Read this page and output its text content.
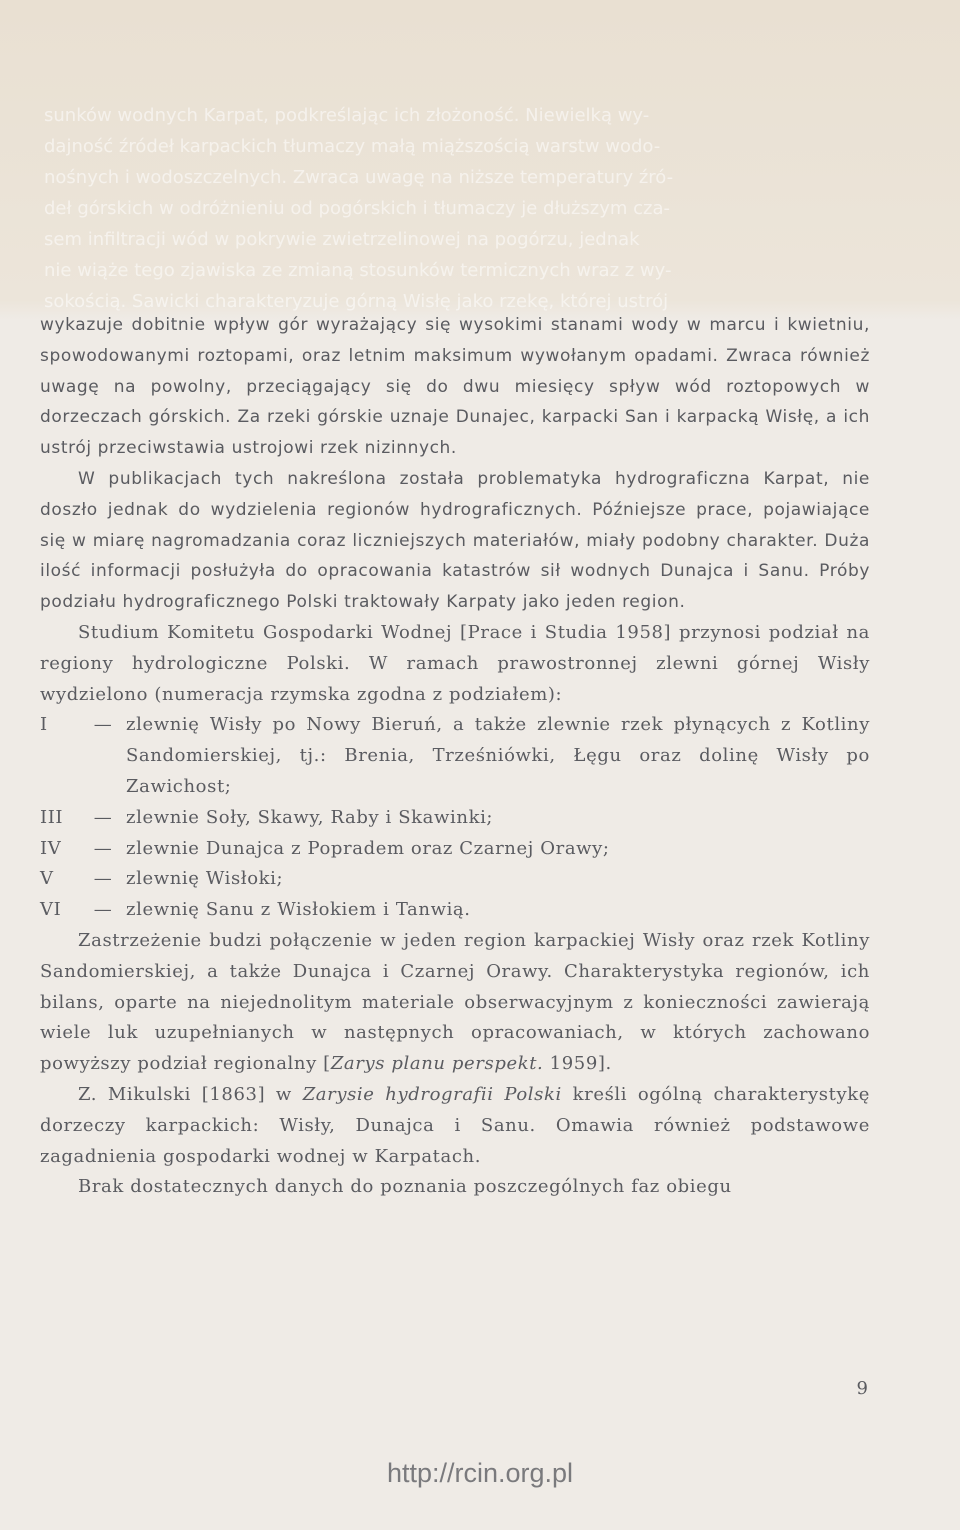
sunków wodnych Karpat, podkreślając ich złożoność. Niewielką wy-

dajność źródeł karpackich tłumaczy małą miąższością warstw wodo-

nośnych i wodoszczelnych. Zwraca uwagę na niższe temperatury źró-

deł górskich w odróżnieniu od pogórskich i tłumaczy je dłuższym cza-

sem infiltracji wód w pokrywie zwietrzelinowej na pogórzu, jednak

nie wiąże tego zjawiska ze zmianą stosunków termicznych wraz z wy-

sokością. Sawicki charakteryzuje górną Wisłę jako rzekę, której ustrój

wykazuje dobitnie wpływ gór wyrażający się wysokimi stanami wody w marcu i kwietniu, spowodowanymi roztopami, oraz letnim maksimum wywołanym opadami. Zwraca również uwagę na powolny, przeciągający się do dwu miesięcy spływ wód roztopowych w dorzeczach górskich. Za rzeki górskie uznaje Dunajec, karpacki San i karpacką Wisłę, a ich ustrój przeciwstawia ustrojowi rzek nizinnych.

W publikacjach tych nakreślona została problematyka hydrograficzna Karpat, nie doszło jednak do wydzielenia regionów hydrograficznych. Późniejsze prace, pojawiające się w miarę nagromadzania coraz liczniejszych materiałów, miały podobny charakter. Duża ilość informacji posłużyła do opracowania katastrów sił wodnych Dunajca i Sanu. Próby podziału hydrograficznego Polski traktowały Karpaty jako jeden region.

Studium Komitetu Gospodarki Wodnej [Prace i Studia 1958] przynosi podział na regiony hydrologiczne Polski. W ramach prawostronnej zlewni górnej Wisły wydzielono (numeracja rzymska zgodna z podziałem):

I	— zlewnię Wisły po Nowy Bieruń, a także zlewnie rzek płynących z Kotliny Sandomierskiej, tj.: Brenia, Trześniówki, Łęgu oraz dolinę Wisły po Zawichost;
III	— zlewnie Soły, Skawy, Raby i Skawinki;
IV	— zlewnie Dunajca z Popradem oraz Czarnej Orawy;
V	— zlewnię Wisłoki;
VI	— zlewnię Sanu z Wisłokiem i Tanwią.

Zastrzeżenie budzi połączenie w jeden region karpackiej Wisły oraz rzek Kotliny Sandomierskiej, a także Dunajca i Czarnej Orawy. Charakterystyka regionów, ich bilans, oparte na niejednolitym materiale obserwacyjnym z konieczności zawierają wiele luk uzupełnianych w następnych opracowaniach, w których zachowano powyższy podział regionalny [Zarys planu perspekt. 1959].

Z. Mikulski [1863] w Zarysie hydrografii Polski kreśli ogólną charakterystykę dorzeczy karpackich: Wisły, Dunajca i Sanu. Omawia również podstawowe zagadnienia gospodarki wodnej w Karpatach.

Brak dostatecznych danych do poznania poszczególnych faz obiegu

9
http://rcin.org.pl
